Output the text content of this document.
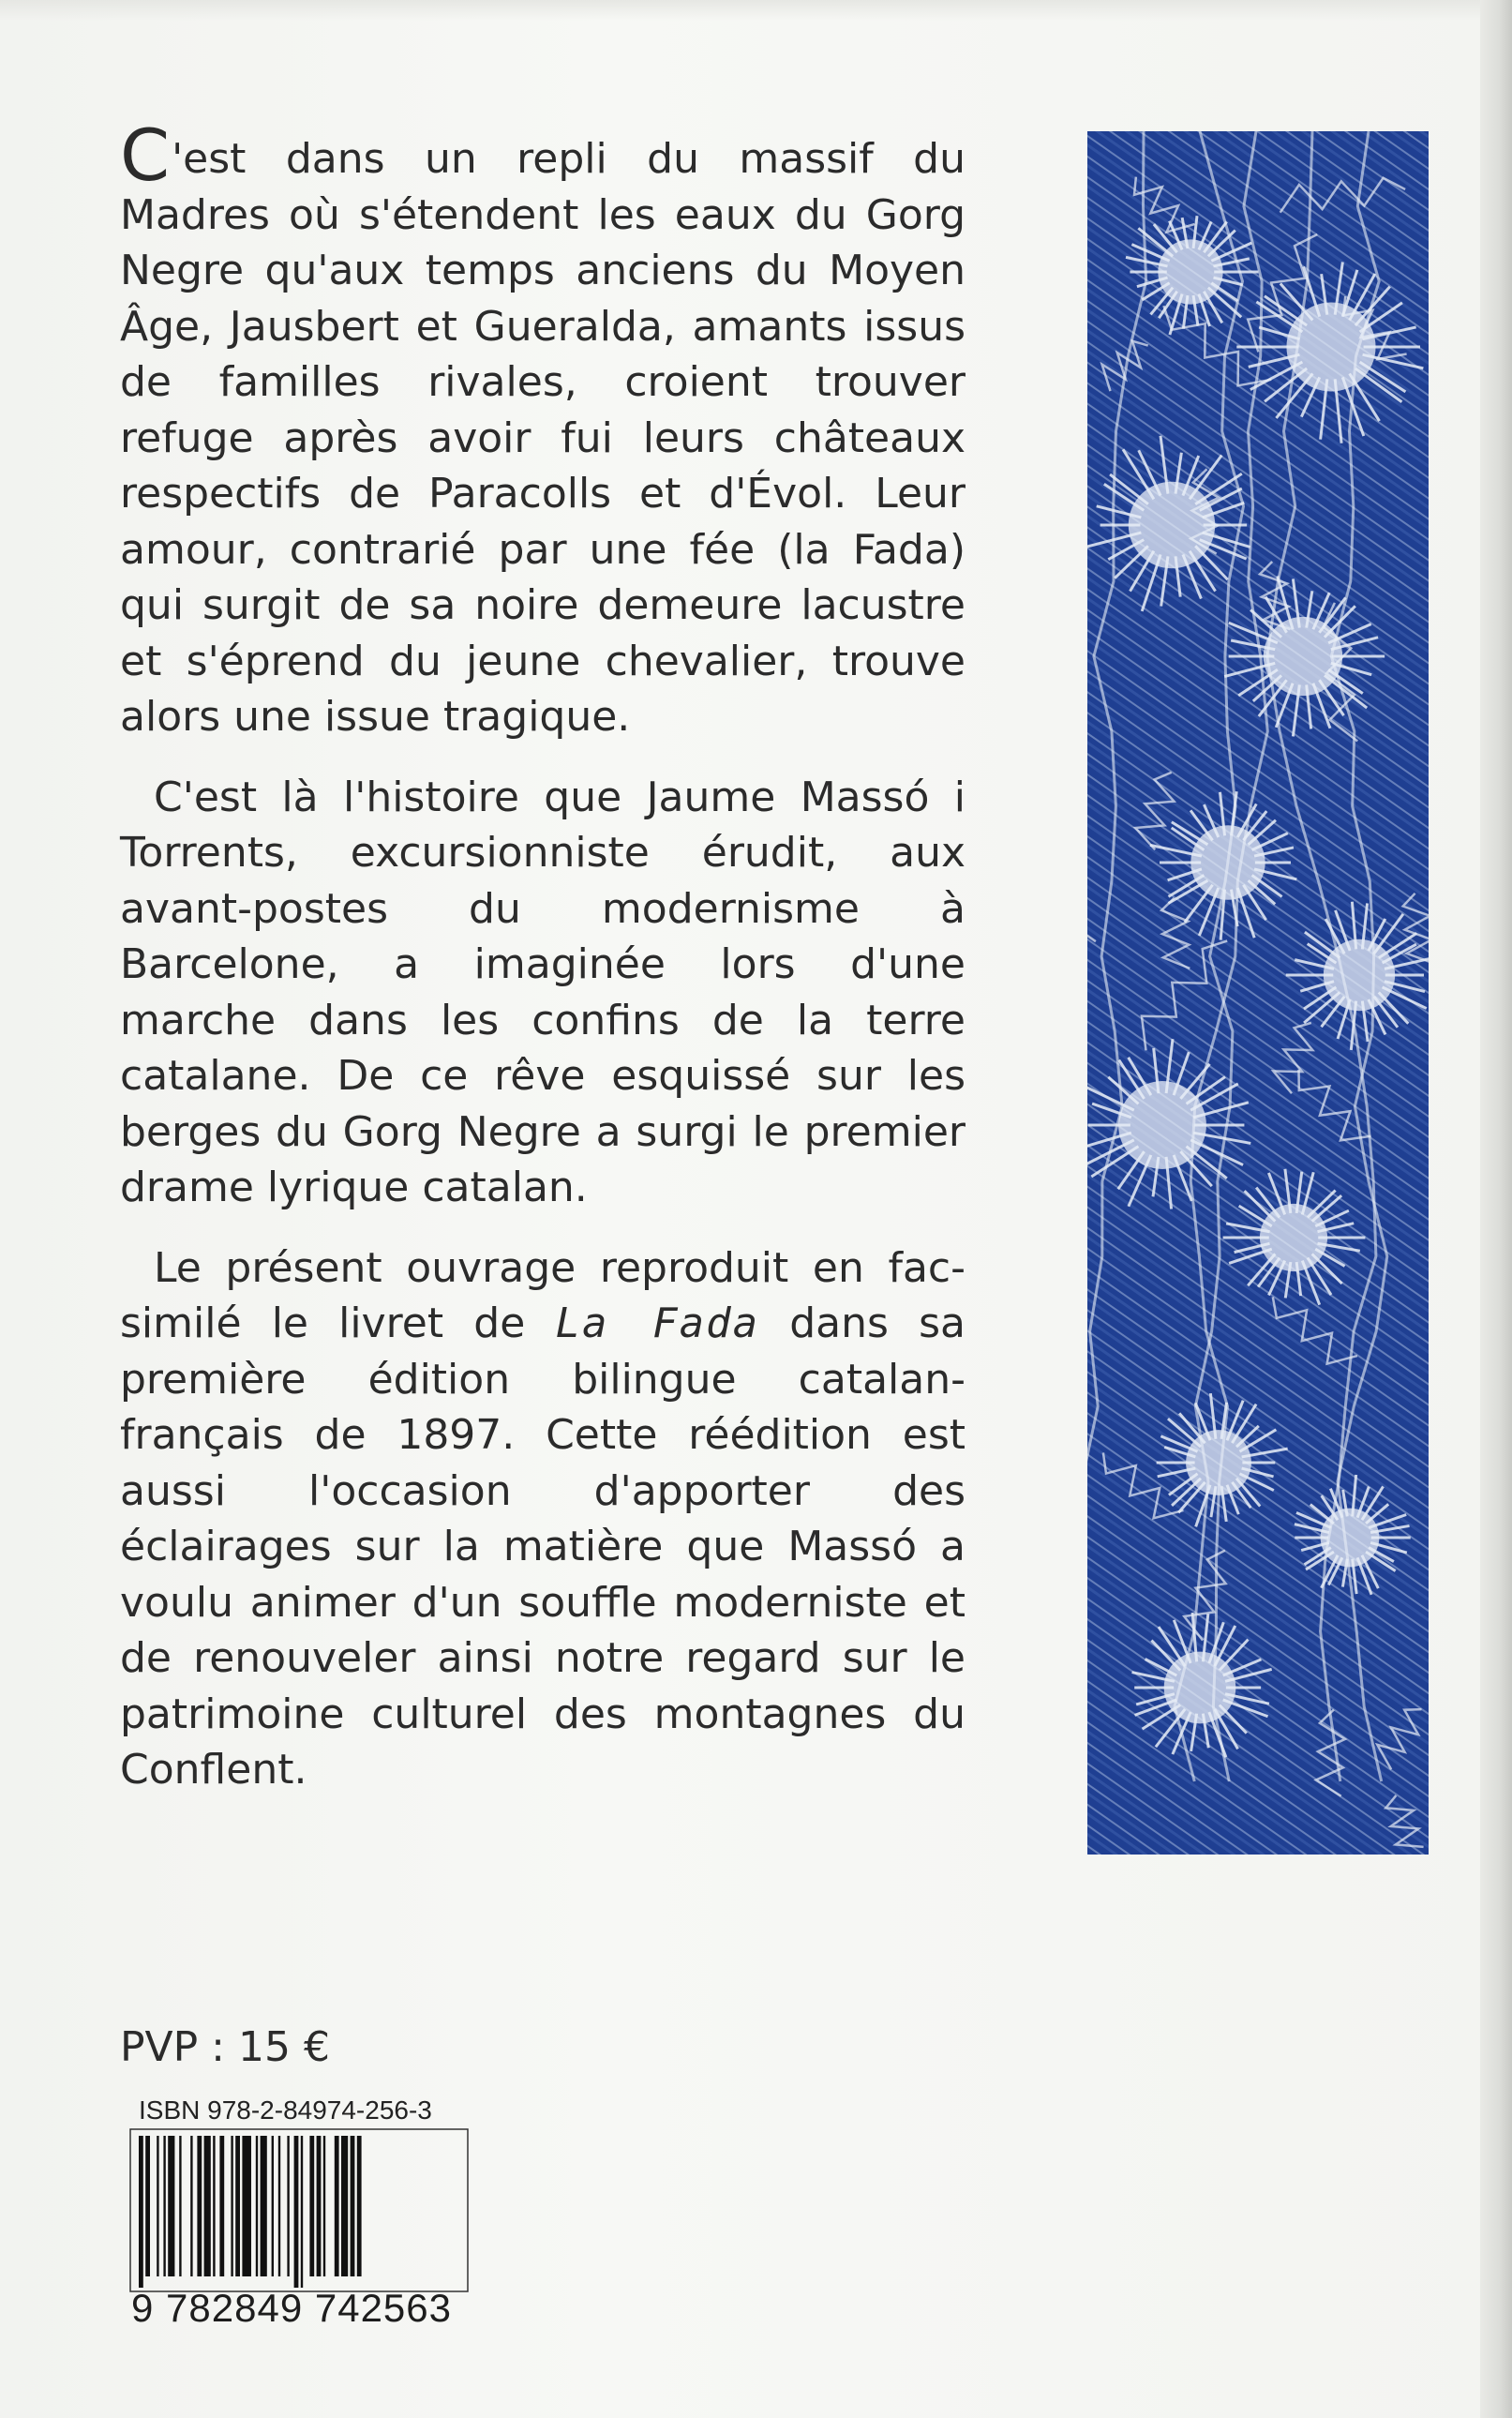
C'est dans un repli du massif du Madres où s'étendent les eaux du Gorg Negre qu'aux temps anciens du Moyen Âge, Jausbert et Gueralda, amants issus de familles rivales, croient trouver refuge après avoir fui leurs châteaux respectifs de Paracolls et d'Évol. Leur amour, contrarié par une fée (la Fada) qui surgit de sa noire demeure lacustre et s'éprend du jeune chevalier, trouve alors une issue tragique.

C'est là l'histoire que Jaume Massó i Torrents, excursionniste érudit, aux avant-postes du modernisme à Barcelone, a imaginée lors d'une marche dans les confins de la terre catalane. De ce rêve esquissé sur les berges du Gorg Negre a surgi le premier drame lyrique catalan.

Le présent ouvrage reproduit en fac-similé le livret de La Fada dans sa première édition bilingue catalan-français de 1897. Cette réédition est aussi l'occasion d'apporter des éclairages sur la matière que Massó a voulu animer d'un souffle moderniste et de renouveler ainsi notre regard sur le patrimoine culturel des montagnes du Conflent.

PVP : 15 €
ISBN 978-2-84974-256-3
9 782849 742563
